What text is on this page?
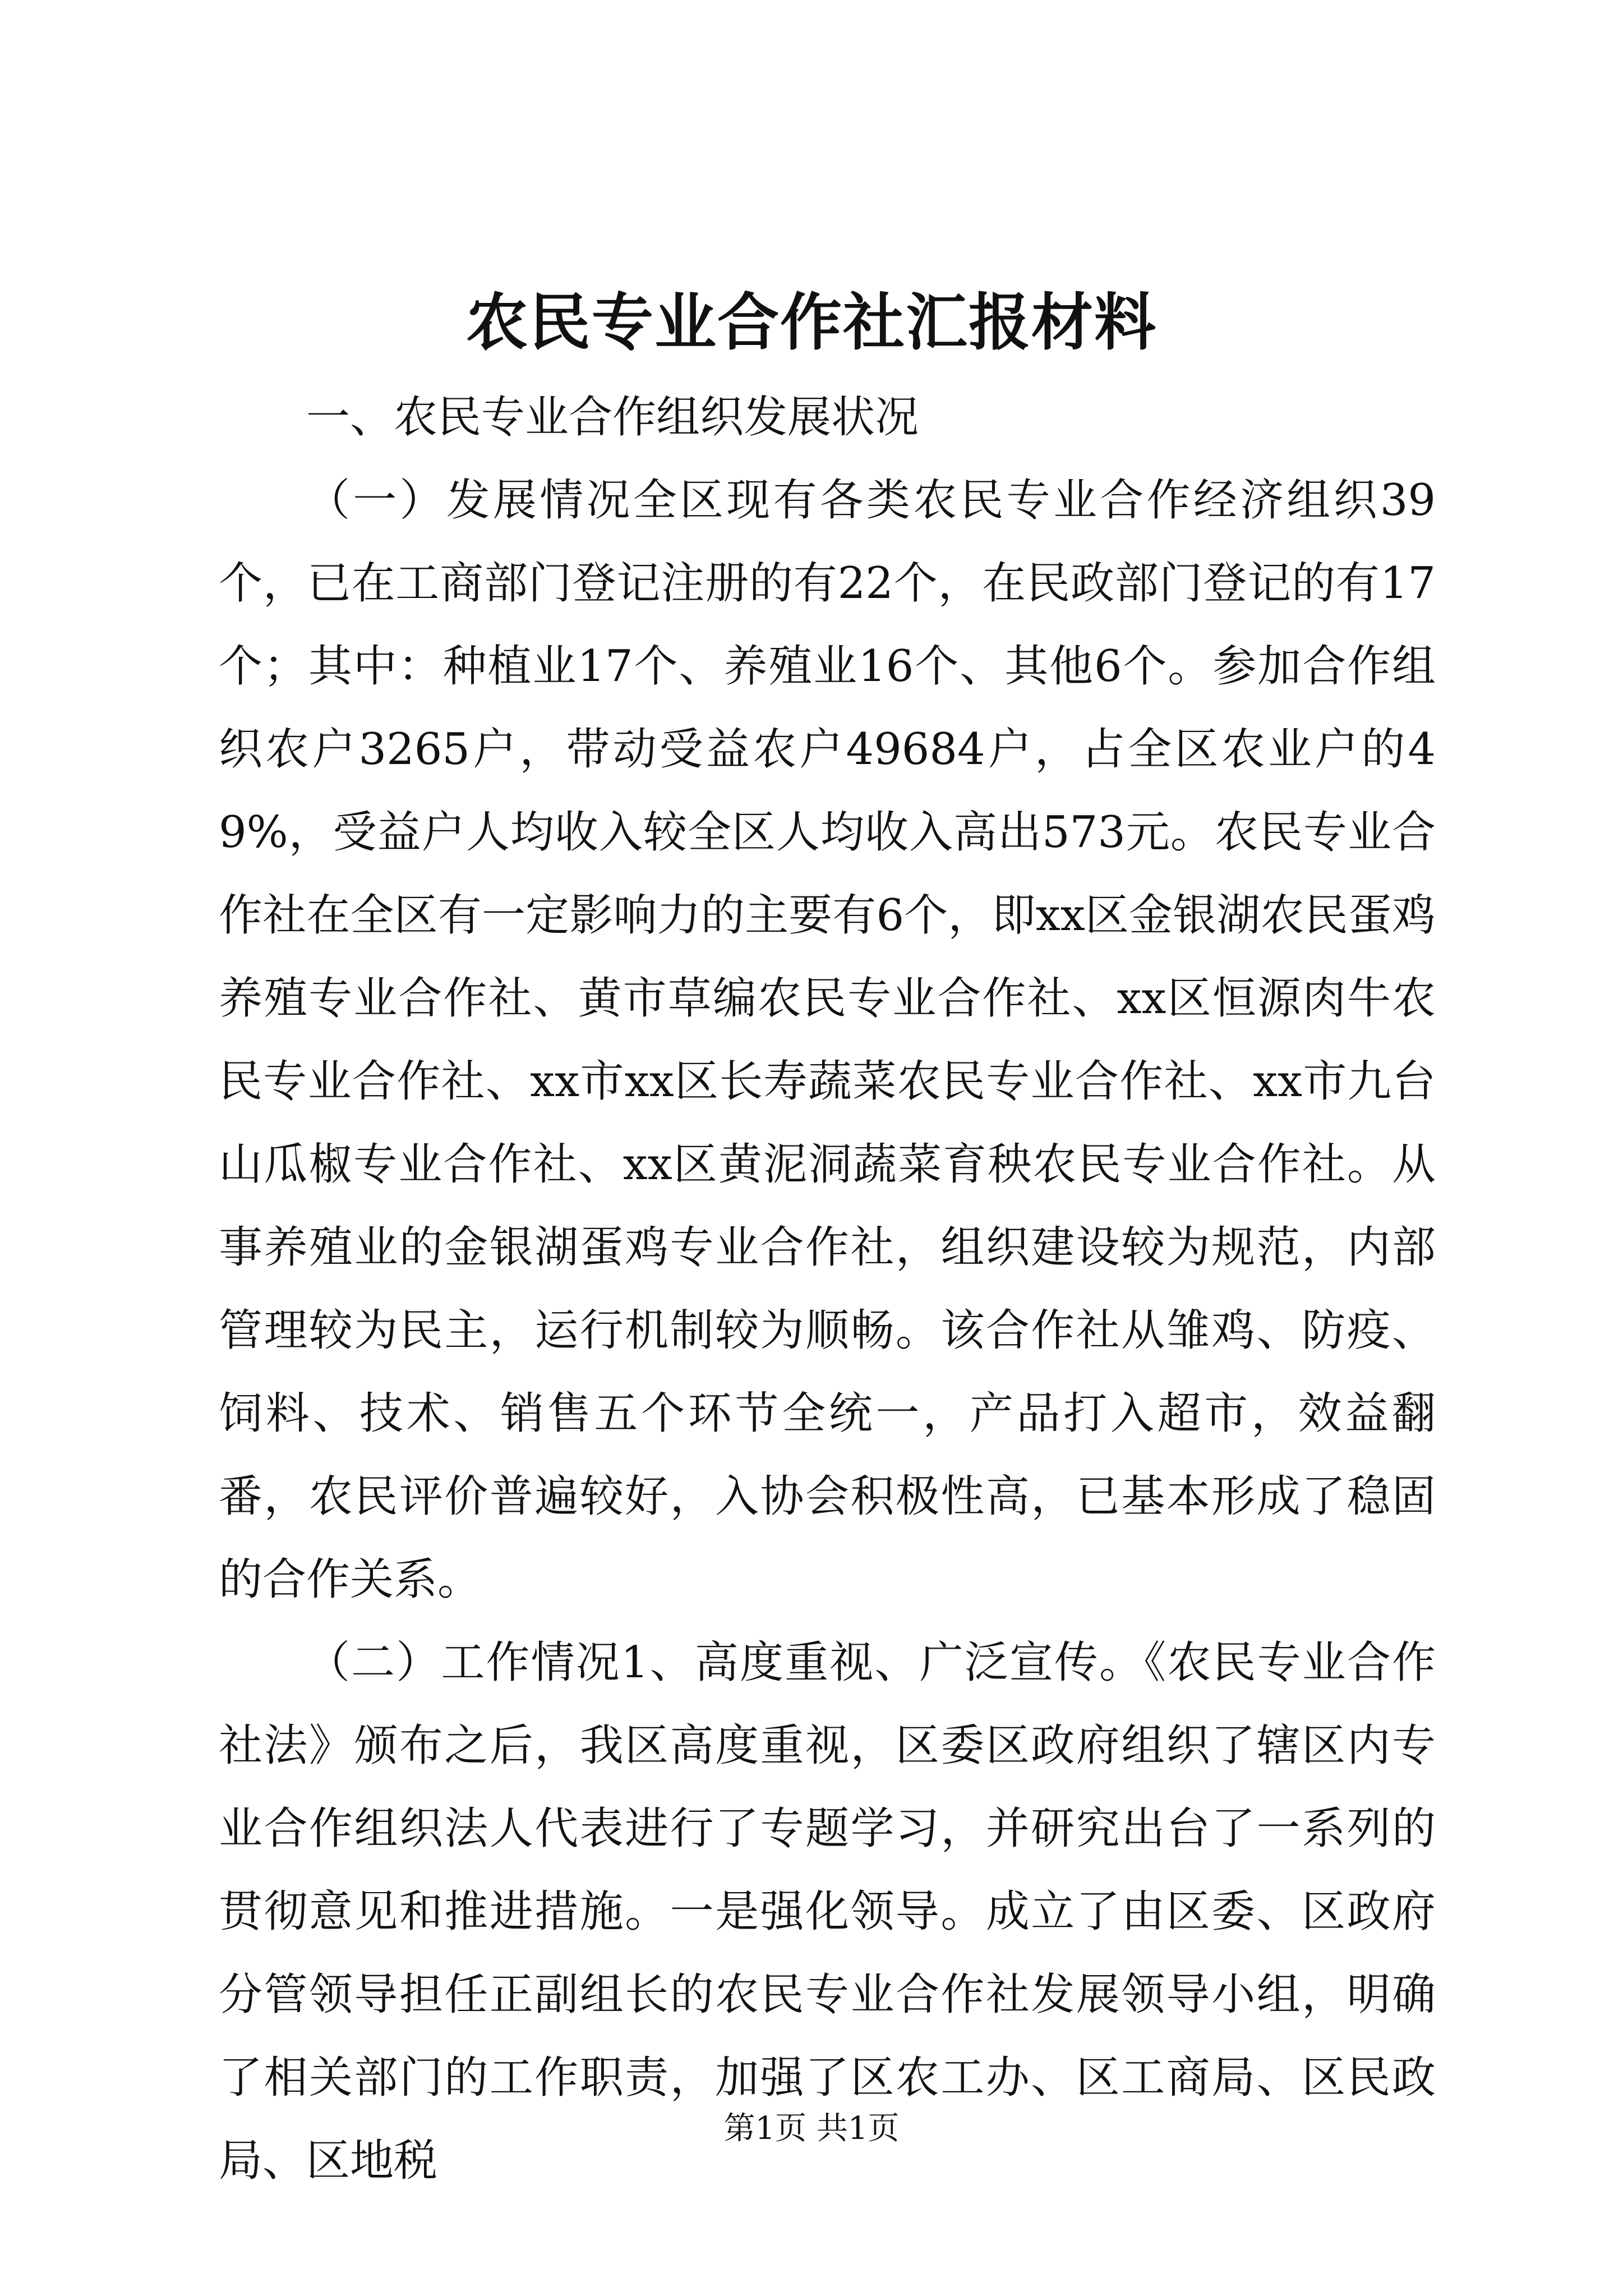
农民专业合作社汇报材料

一、农民专业合作组织发展状况

（一）发展情况全区现有各类农民专业合作经济组织39个，已在工商部门登记注册的有22个，在民政部门登记的有17个；其中：种植业17个、养殖业16个、其他6个。参加合作组织农户3265户，带动受益农户49684户，占全区农业户的49%，受益户人均收入较全区人均收入高出573元。农民专业合作社在全区有一定影响力的主要有6个，即xx区金银湖农民蛋鸡养殖专业合作社、黄市草编农民专业合作社、xx区恒源肉牛农民专业合作社、xx市xx区长寿蔬菜农民专业合作社、xx市九台山瓜椒专业合作社、xx区黄泥洞蔬菜育秧农民专业合作社。从事养殖业的金银湖蛋鸡专业合作社，组织建设较为规范，内部管理较为民主，运行机制较为顺畅。该合作社从雏鸡、防疫、饲料、技术、销售五个环节全统一，产品打入超市，效益翻番，农民评价普遍较好，入协会积极性高，已基本形成了稳固的合作关系。

（二）工作情况1、高度重视、广泛宣传。《农民专业合作社法》颁布之后，我区高度重视，区委区政府组织了辖区内专业合作组织法人代表进行了专题学习，并研究出台了一系列的贯彻意见和推进措施。一是强化领导。成立了由区委、区政府分管领导担任正副组长的农民专业合作社发展领导小组，明确了相关部门的工作职责，加强了区农工办、区工商局、区民政局、区地税

第1页 共1页
